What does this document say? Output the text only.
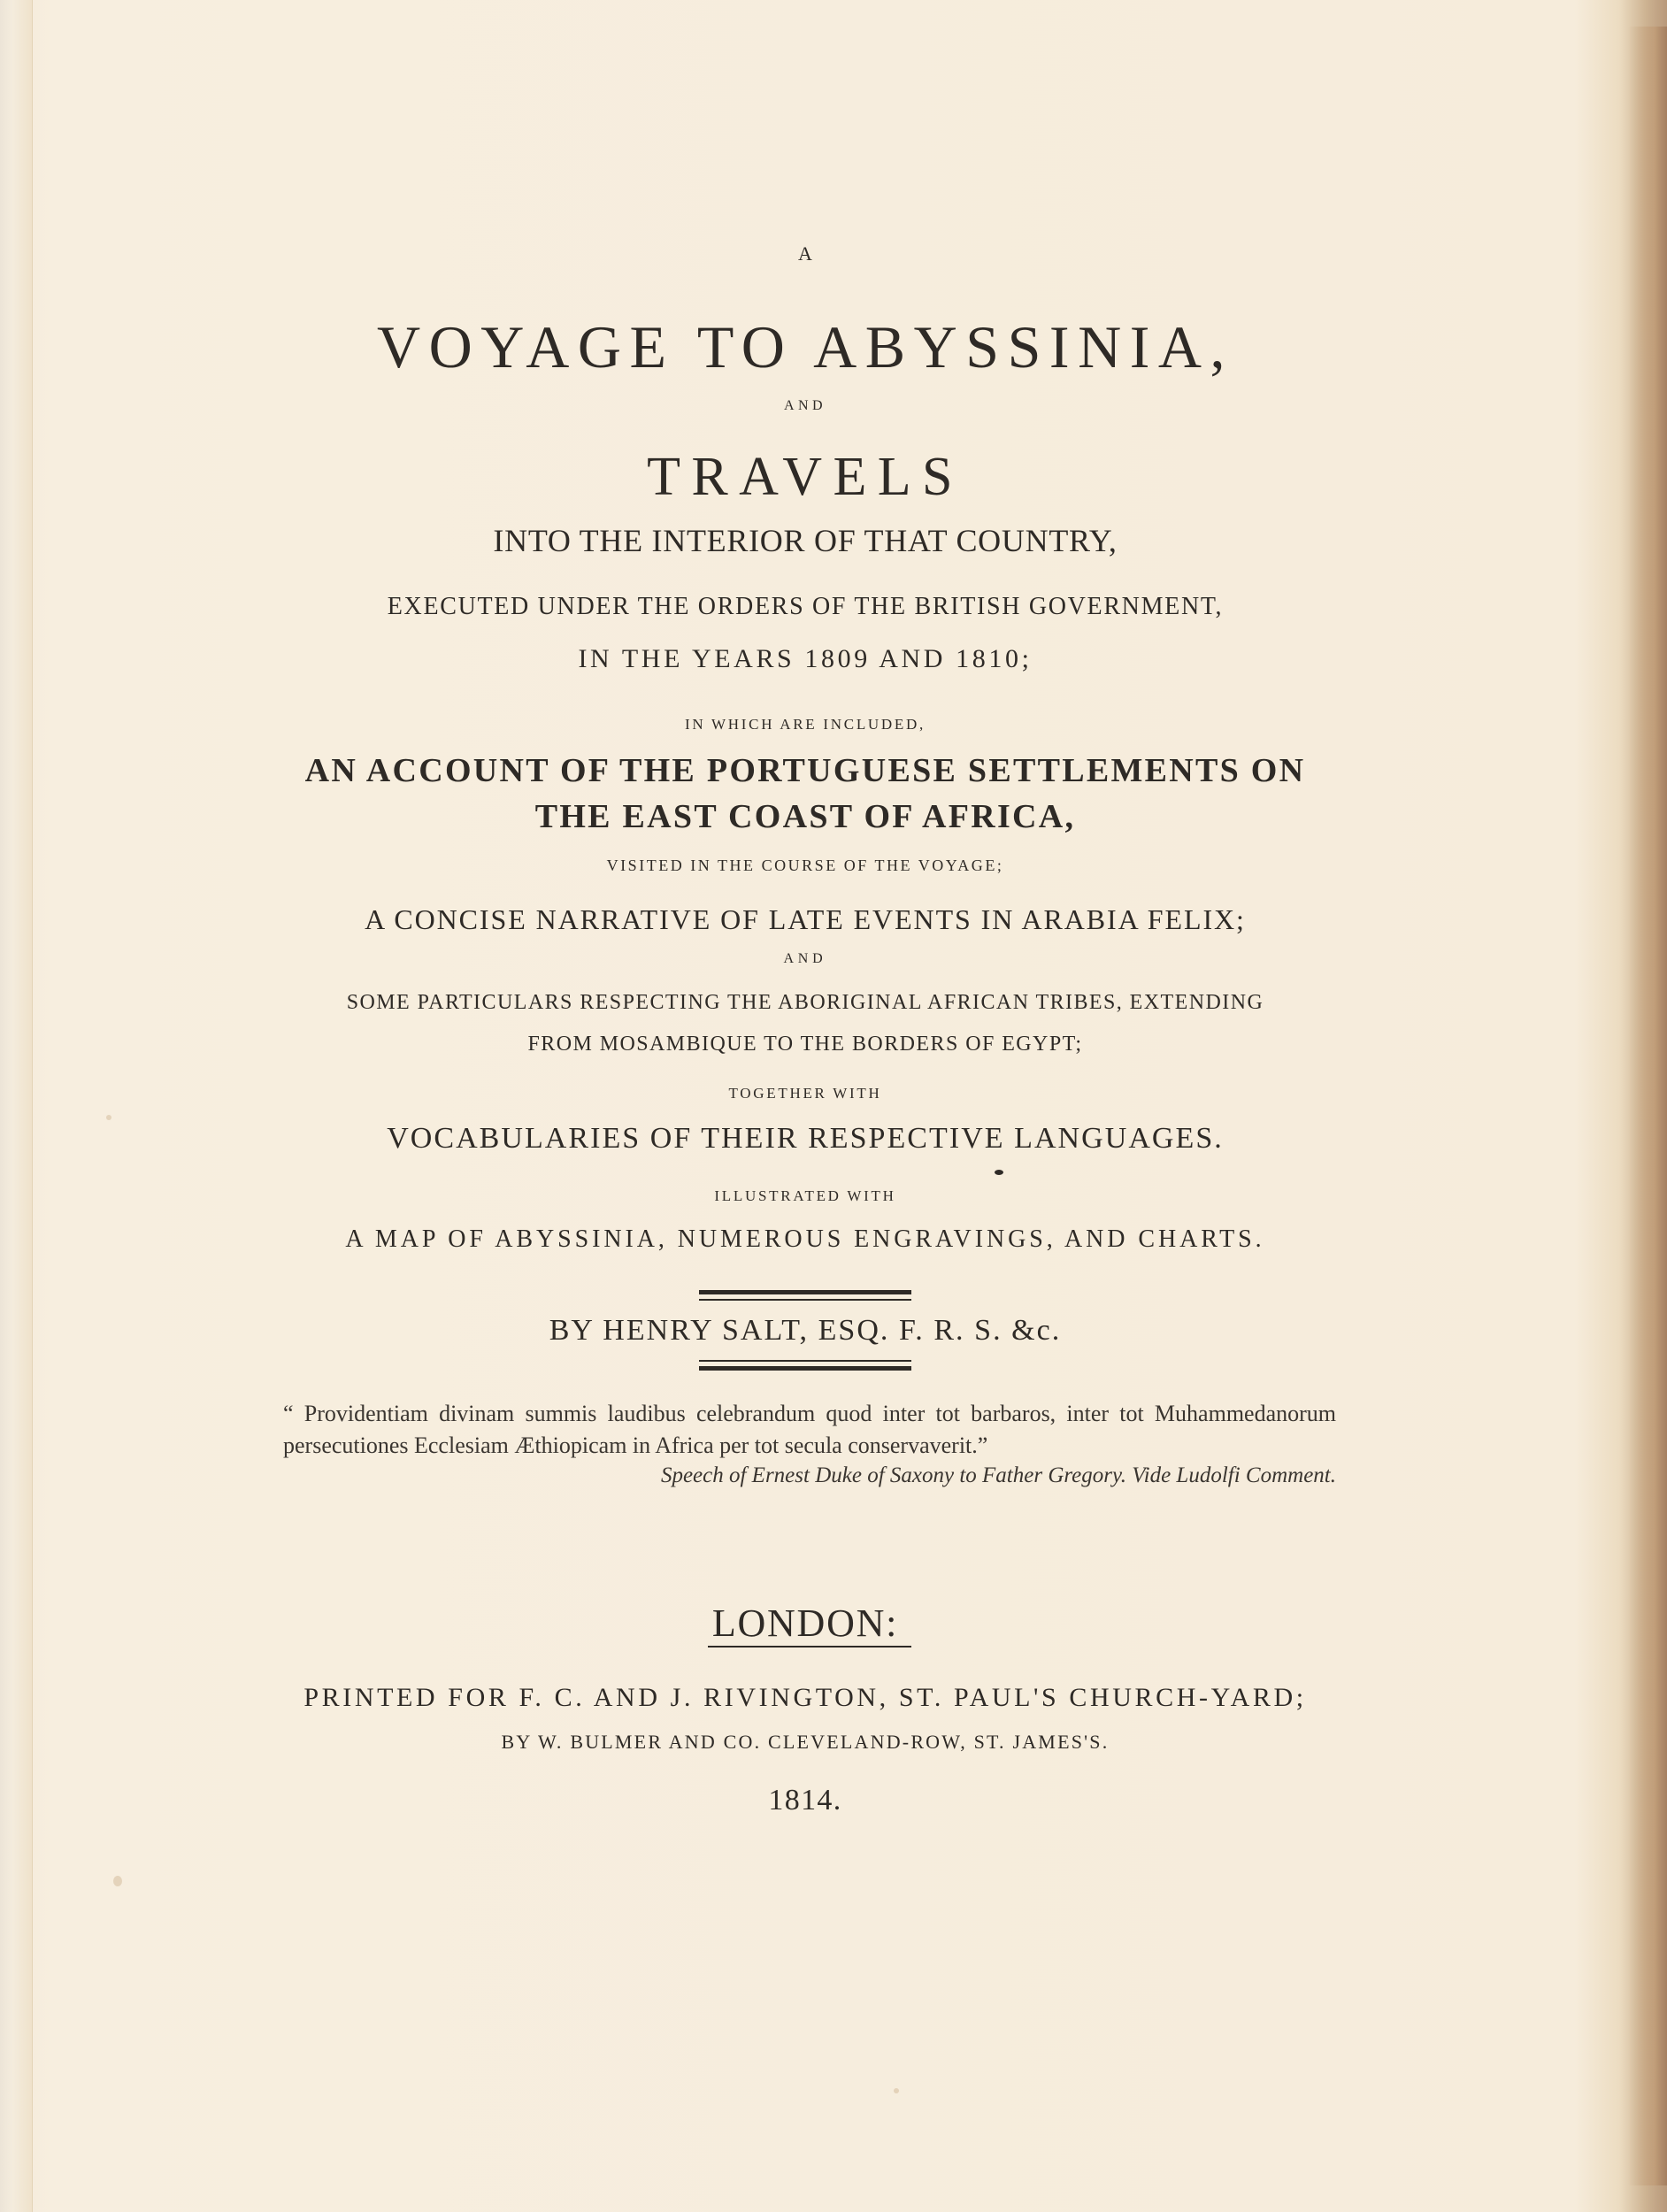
A
VOYAGE TO ABYSSINIA,
AND
TRAVELS
INTO THE INTERIOR OF THAT COUNTRY,
EXECUTED UNDER THE ORDERS OF THE BRITISH GOVERNMENT,
IN THE YEARS 1809 AND 1810;
IN WHICH ARE INCLUDED,
AN ACCOUNT OF THE PORTUGUESE SETTLEMENTS ON
THE EAST COAST OF AFRICA,
VISITED IN THE COURSE OF THE VOYAGE;
A CONCISE NARRATIVE OF LATE EVENTS IN ARABIA FELIX;
AND
SOME PARTICULARS RESPECTING THE ABORIGINAL AFRICAN TRIBES, EXTENDING
FROM MOSAMBIQUE TO THE BORDERS OF EGYPT;
TOGETHER WITH
VOCABULARIES OF THEIR RESPECTIVE LANGUAGES.
ILLUSTRATED WITH
A MAP OF ABYSSINIA, NUMEROUS ENGRAVINGS, AND CHARTS.
BY HENRY SALT, ESQ. F. R. S. &c.
“ Providentiam divinam summis laudibus celebrandum quod inter tot barbaros, inter tot Muhammedanorum persecutiones Ecclesiam Æthiopicam in Africa per tot secula conservaverit.”
Speech of Ernest Duke of Saxony to Father Gregory. Vide Ludolfi Comment.
LONDON:
PRINTED FOR F. C. AND J. RIVINGTON, ST. PAUL'S CHURCH-YARD;
BY W. BULMER AND CO. CLEVELAND-ROW, ST. JAMES'S.
1814.
